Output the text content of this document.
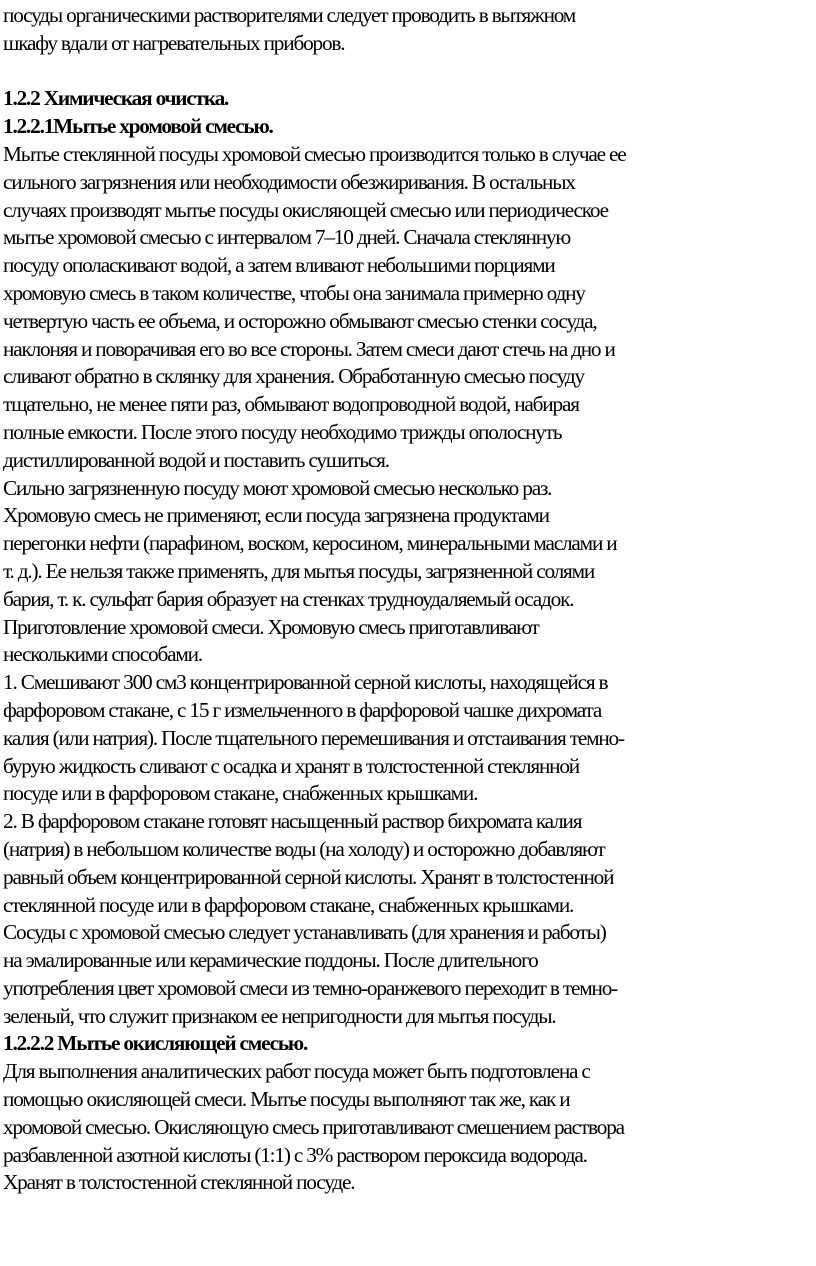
посуды органическими растворителями следует проводить в вытяжном
шкафу вдали от нагревательных приборов.
1.2.2 Химическая очистка.
1.2.2.1Мытье хромовой смесью.
Мытье стеклянной посуды хромовой смесью производится только в случае ее
сильного загрязнения или необходимости обезжиривания. В остальных
случаях производят мытье посуды окисляющей смесью или периодическое
мытье хромовой смесью с интервалом 7–10 дней. Сначала стеклянную
посуду ополаскивают водой, а затем вливают небольшими порциями
хромовую смесь в таком количестве, чтобы она занимала примерно одну
четвертую часть ее объема, и осторожно обмывают смесью стенки сосуда,
наклоняя и поворачивая его во все стороны. Затем смеси дают стечь на дно и
сливают обратно в склянку для хранения. Обработанную смесью посуду
тщательно, не менее пяти раз, обмывают водопроводной водой, набирая
полные емкости. После этого посуду необходимо трижды ополоснуть
дистиллированной водой и поставить сушиться.
Сильно загрязненную посуду моют хромовой смесью несколько раз.
Хромовую смесь не применяют, если посуда загрязнена продуктами
перегонки нефти (парафином, воском, керосином, минеральными маслами и
т. д.). Ее нельзя также применять, для мытья посуды, загрязненной солями
бария, т. к. сульфат бария образует на стенках трудноудаляемый осадок.
Приготовление хромовой смеси. Хромовую смесь приготавливают
несколькими способами.
1. Смешивают 300 см3 концентрированной серной кислоты, находящейся в
фарфоровом стакане, с 15 г измельченного в фарфоровой чашке дихромата
калия (или натрия). После тщательного перемешивания и отстаивания темно-
бурую жидкость сливают с осадка и хранят в толстостенной стеклянной
посуде или в фарфоровом стакане, снабженных крышками.
2. В фарфоровом стакане готовят насыщенный раствор бихромата калия
(натрия) в небольшом количестве воды (на холоду) и осторожно добавляют
равный объем концентрированной серной кислоты. Хранят в толстостенной
стеклянной посуде или в фарфоровом стакане, снабженных крышками.
Сосуды с хромовой смесью следует устанавливать (для хранения и работы)
на эмалированные или керамические поддоны. После длительного
употребления цвет хромовой смеси из темно-оранжевого переходит в темно-
зеленый, что служит признаком ее непригодности для мытья посуды.
1.2.2.2 Мытье окисляющей смесью.
Для выполнения аналитических работ посуда может быть подготовлена с
помощью окисляющей смеси. Мытье посуды выполняют так же, как и
хромовой смесью. Окисляющую смесь приготавливают смешением раствора
разбавленной азотной кислоты (1:1) с 3% раствором пероксида водорода.
Хранят в толстостенной стеклянной посуде.
